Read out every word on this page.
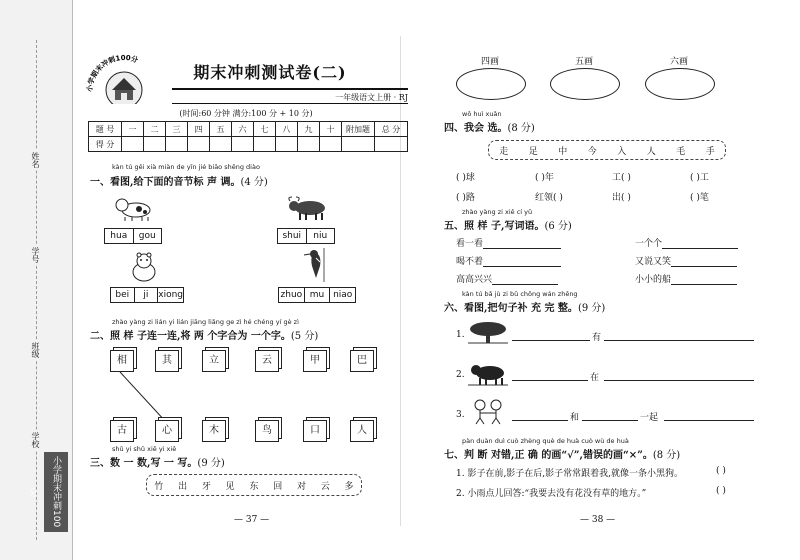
姓名
学号
班级
学校
小学期末冲刺100分
小学期末冲刺100分
期末冲刺测试卷(二)
一年级语文上册 · RJ
(时间:60 分钟 满分:100 分 + 10 分)
题 号	一	二	三	四	五	六	七	八	九	十	附加题	总 分
得 分												
kàn tú gěi xià miàn de yīn jié biāo shēng diào
一、看图,给下面的音节标 声 调。(4 分)
hua	gou	shui	niu
bei	ji	xiong	zhuo mu niao
zhào yàng zi lián yi lián jiāng liǎng ge zì hé chéng yí gè zì
二、照 样 子连一连,将 两 个字合为 一个字。(5 分)
相	其	立	云	甲	巴
古	心	木	鸟	口	人
shǔ yi shǔ xiě yi xiě
三、数 一 数,写 一 写。(9 分)
竹 出 牙 见 东 回 对 云 多
— 37 —
四画	五画	六画
wǒ huì xuǎn
四、我会 选。(8 分)
走 足 中 今 入 人 毛 手
( )球	( )年	工( )	( )工
( )路	红领( )	出( )	( )笔
zhào yàng zi xiě cí yǔ
五、照 样 子,写词语。(6 分)
看一看	一个个
喝不着	又说又笑
高高兴兴	小小的船
kàn tú bǎ jù zi bǔ chōng wán zhěng
六、看图,把句子补 充 完 整。(9 分)
1.	有
2.	在
3.	和	一起
pàn duàn duì cuò zhèng què de huà cuò wù de huà
七、判 断 对错,正 确 的画“√”,错误的画“×”。(8 分)
1. 影子在前,影子在后,影子常常跟着我,就像一条小黑狗。	( )
2. 小雨点儿回答:“我要去没有花没有草的地方。”	( )
— 38 —
